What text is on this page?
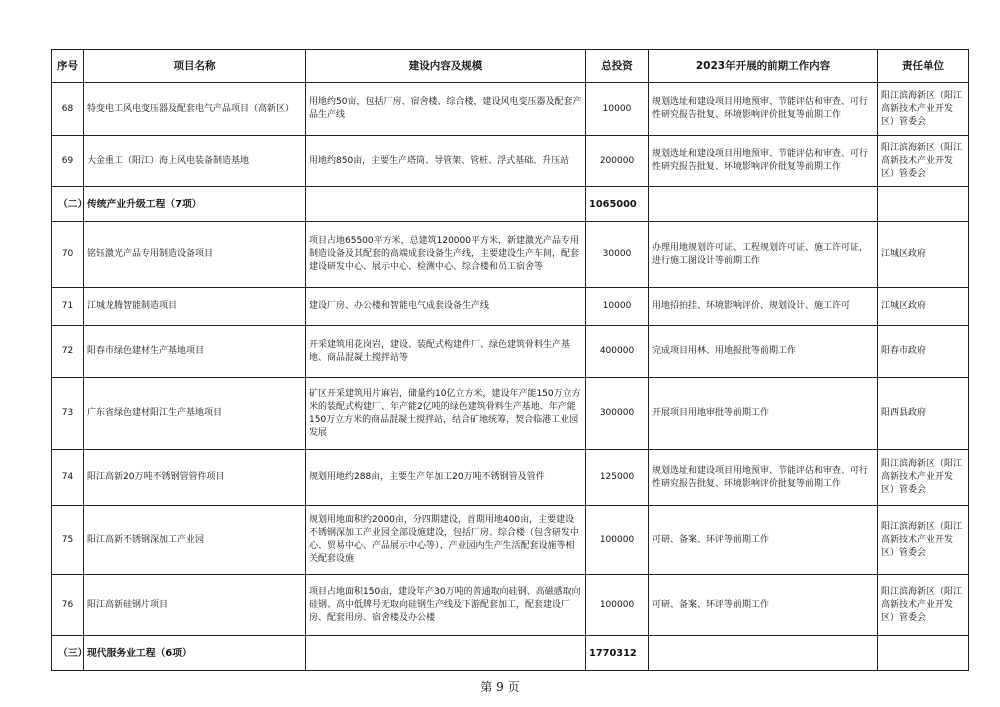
序号	项目名称	建设内容及规模	总投资	2023年开展的前期工作内容	责任单位
68	特变电工风电变压器及配套电气产品项目（高新区）	用地约50亩，包括厂房、宿舍楼、综合楼，建设风电变压器及配套产品生产线	10000	规划选址和建设项目用地预审、节能评估和审查、可行性研究报告批复、环境影响评价批复等前期工作	阳江滨海新区（阳江高新技术产业开发区）管委会
69	大金重工（阳江）海上风电装备制造基地	用地约850亩，主要生产塔筒、导管架、管桩、浮式基础、升压站	200000	规划选址和建设项目用地预审、节能评估和审查、可行性研究报告批复、环境影响评价批复等前期工作	阳江滨海新区（阳江高新技术产业开发区）管委会
（二）	传统产业升级工程（7项）		1065000		
70	铭钰激光产品专用制造设备项目	项目占地65500平方米，总建筑120000平方米，新建激光产品专用制造设备及其配套的高端成套设备生产线，主要建设生产车间，配套建设研发中心、展示中心、检测中心、综合楼和员工宿舍等	30000	办理用地规划许可证、工程规划许可证、施工许可证，进行施工图设计等前期工作	江城区政府
71	江城龙腾智能制造项目	建设厂房、办公楼和智能电气成套设备生产线	10000	用地招拍挂、环境影响评价、规划设计、施工许可	江城区政府
72	阳春市绿色建材生产基地项目	开采建筑用花岗岩，建设、装配式构建件厂、绿色建筑骨料生产基地、商品混凝土搅拌站等	400000	完成项目用林、用地报批等前期工作	阳春市政府
73	广东省绿色建材阳江生产基地项目	矿区开采建筑用片麻岩，储量约10亿立方米，建设年产能150万立方米的装配式构建厂、年产能2亿吨的绿色建筑骨料生产基地、年产能150万立方米的商品混凝土搅拌站，结合矿地统筹，契合临港工业园发展	300000	开展项目用地审批等前期工作	阳西县政府
74	阳江高新20万吨不锈钢管管件项目	规划用地约288亩，主要生产年加工20万吨不锈钢管及管件	125000	规划选址和建设项目用地预审、节能评估和审查、可行性研究报告批复、环境影响评价批复等前期工作	阳江滨海新区（阳江高新技术产业开发区）管委会
75	阳江高新不锈钢深加工产业园	规划用地面积约2000亩，分四期建设，首期用地400亩，主要建设不锈钢深加工产业园全部设施建设，包括厂房、综合楼（包含研发中心、贸易中心、产品展示中心等）、产业园内生产生活配套设施等相关配套设施	100000	可研、备案、环评等前期工作	阳江滨海新区（阳江高新技术产业开发区）管委会
76	阳江高新硅钢片项目	项目占地面积150亩，建设年产30万吨的普通取向硅钢、高磁感取向硅钢、高中低牌号无取向硅钢生产线及下游配套加工，配套建设厂房、配套用房、宿舍楼及办公楼	100000	可研、备案、环评等前期工作	阳江滨海新区（阳江高新技术产业开发区）管委会
（三）	现代服务业工程（6项）		1770312		
第 9 页
